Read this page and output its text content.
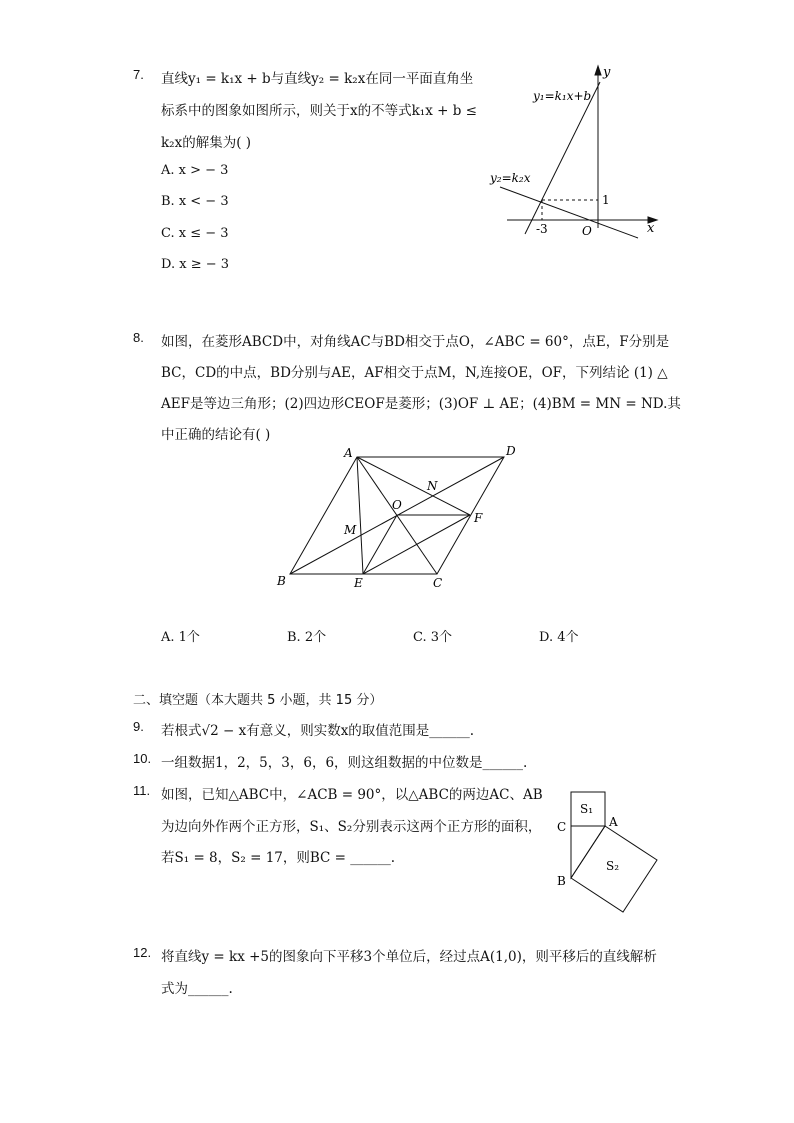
7. 直线y₁ = k₁x + b与直线y₂ = k₂x在同一平面直角坐
标系中的图象如图所示，则关于x的不等式k₁x + b ≤
k₂x的解集为( )
A. x > − 3
B. x < − 3
C. x ≤ − 3
D. x ≥ − 3
y
x
y₁=k₁x+b
y₂=k₂x
1
-3	O
8. 如图，在菱形ABCD中，对角线AC与BD相交于点O，∠ABC = 60°，点E，F分别是
BC，CD的中点，BD分别与AE，AF相交于点M，N,连接OE，OF，下列结论 (1) △
AEF是等边三角形；(2)四边形CEOF是菱形；(3)OF ⊥ AE；(4)BM = MN = ND.其
中正确的结论有( )
A	D
B	E	C
F
O
N
M
A. 1个	B. 2个	C. 3个	D. 4个
二、填空题（本大题共 5 小题，共 15 分）
9. 若根式√2 − x有意义，则实数x的取值范围是______.
10. 一组数据1，2，5，3，6，6，则这组数据的中位数是______.
11. 如图，已知△ABC中，∠ACB = 90°，以△ABC的两边AC、AB
为边向外作两个正方形，S₁、S₂分别表示这两个正方形的面积，
若S₁ = 8，S₂ = 17，则BC = ______.
S₁
S₂
A
C
B
12. 将直线y = kx +5的图象向下平移3个单位后，经过点A(1,0)，则平移后的直线解析
式为______.
